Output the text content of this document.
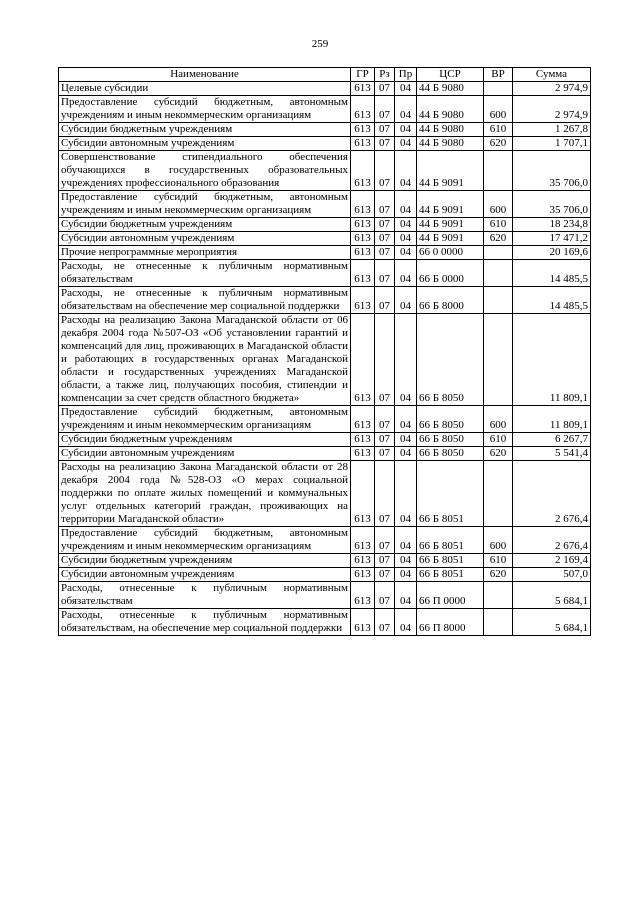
259
Наименование	ГР	Рз	Пр	ЦСР	ВР	Сумма
Целевые субсидии	613	07	04	44 Б 9080		2 974,9
Предоставление субсидий бюджетным, автономным учреждениям и иным некоммерческим организациям	613	07	04	44 Б 9080	600	2 974,9
Субсидии бюджетным учреждениям	613	07	04	44 Б 9080	610	1 267,8
Субсидии автономным учреждениям	613	07	04	44 Б 9080	620	1 707,1
Совершенствование стипендиального обеспечения обучающихся в государственных образовательных учреждениях профессионального образования	613	07	04	44 Б 9091		35 706,0
Предоставление субсидий бюджетным, автономным учреждениям и иным некоммерческим организациям	613	07	04	44 Б 9091	600	35 706,0
Субсидии бюджетным учреждениям	613	07	04	44 Б 9091	610	18 234,8
Субсидии автономным учреждениям	613	07	04	44 Б 9091	620	17 471,2
Прочие непрограммные мероприятия	613	07	04	66 0 0000		20 169,6
Расходы, не отнесенные к публичным нормативным обязательствам	613	07	04	66 Б 0000		14 485,5
Расходы, не отнесенные к публичным нормативным обязательствам на обеспечение мер социальной поддержки	613	07	04	66 Б 8000		14 485,5
Расходы на реализацию Закона Магаданской области от 06 декабря 2004 года №507-ОЗ «Об установлении гарантий и компенсаций для лиц, проживающих в Магаданской области и работающих в государственных органах Магаданской области и государственных учреждениях Магаданской области, а также лиц, получающих пособия, стипендии и компенсации за счет средств областного бюджета»	613	07	04	66 Б 8050		11 809,1
Предоставление субсидий бюджетным, автономным учреждениям и иным некоммерческим организациям	613	07	04	66 Б 8050	600	11 809,1
Субсидии бюджетным учреждениям	613	07	04	66 Б 8050	610	6 267,7
Субсидии автономным учреждениям	613	07	04	66 Б 8050	620	5 541,4
Расходы на реализацию Закона Магаданской области от 28 декабря 2004 года №528-ОЗ «О мерах социальной поддержки по оплате жилых помещений и коммунальных услуг отдельных категорий граждан, проживающих на территории Магаданской области»	613	07	04	66 Б 8051		2 676,4
Предоставление субсидий бюджетным, автономным учреждениям и иным некоммерческим организациям	613	07	04	66 Б 8051	600	2 676,4
Субсидии бюджетным учреждениям	613	07	04	66 Б 8051	610	2 169,4
Субсидии автономным учреждениям	613	07	04	66 Б 8051	620	507,0
Расходы, отнесенные к публичным нормативным обязательствам	613	07	04	66 П 0000		5 684,1
Расходы, отнесенные к публичным нормативным обязательствам, на обеспечение мер социальной поддержки	613	07	04	66 П 8000		5 684,1
